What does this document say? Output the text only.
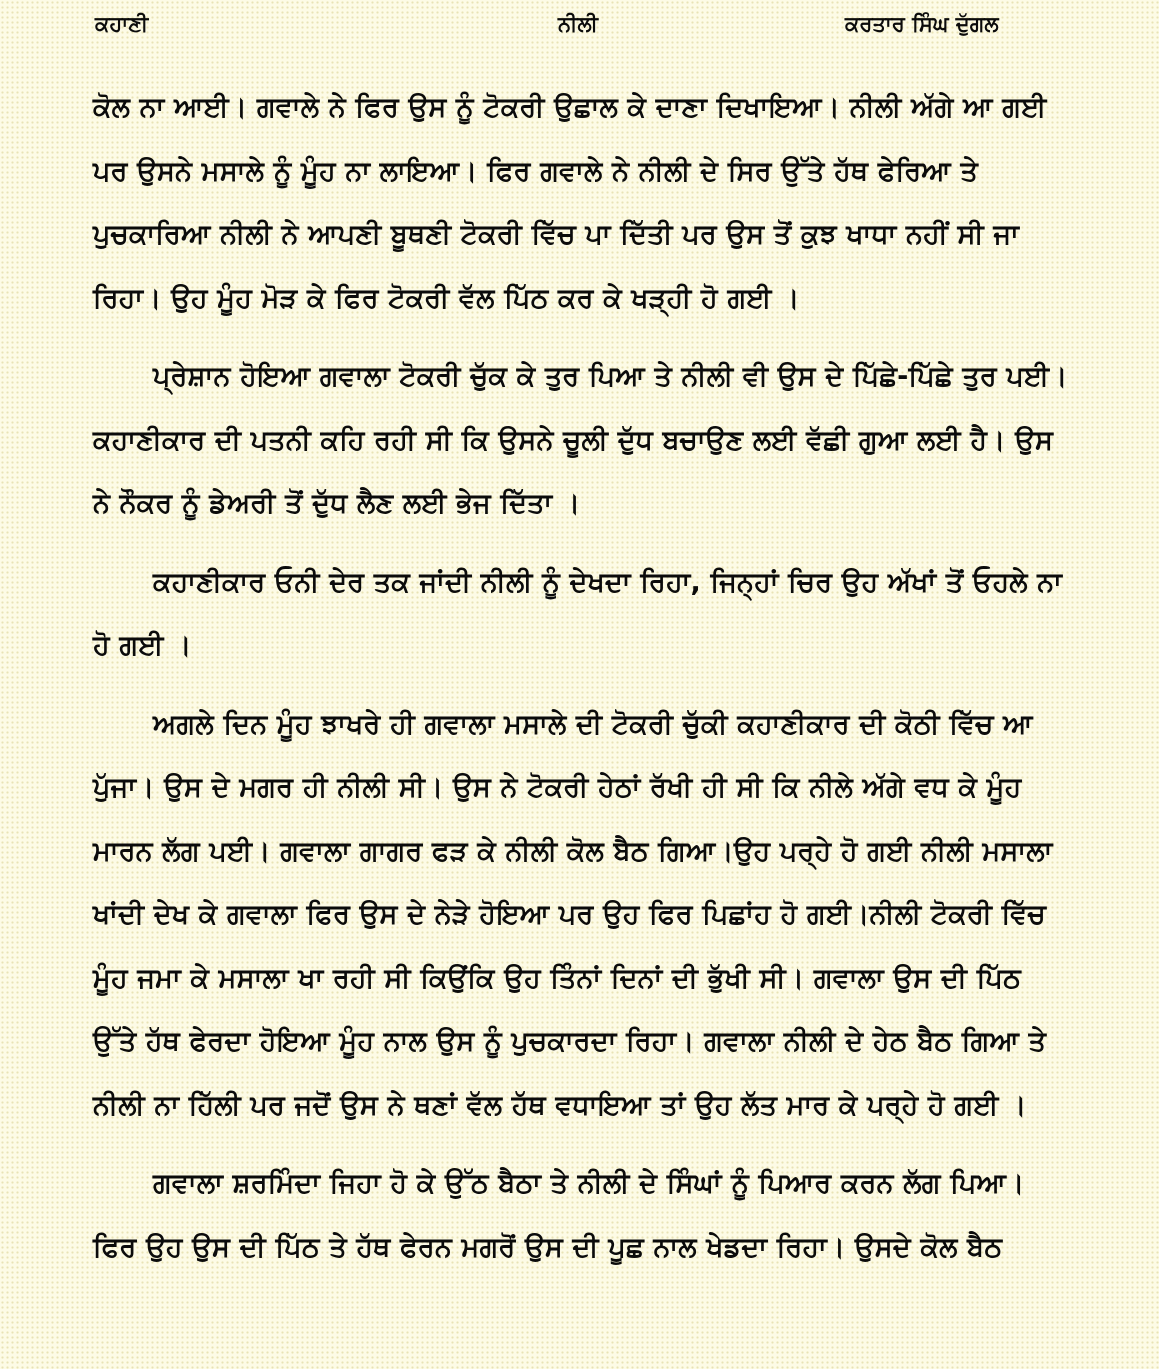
ਕਹਾਣੀ	ਨੀਲੀ	ਕਰਤਾਰ ਸਿੰਘ ਦੁੱਗਲ

ਕੋਲ ਨਾ ਆਈ। ਗਵਾਲੇ ਨੇ ਫਿਰ ਉਸ ਨੂੰ ਟੋਕਰੀ ਉਛਾਲ ਕੇ ਦਾਣਾ ਦਿਖਾਇਆ। ਨੀਲੀ ਅੱਗੇ ਆ ਗਈ ਪਰ ਉਸਨੇ ਮਸਾਲੇ ਨੂੰ ਮੂੰਹ ਨਾ ਲਾਇਆ। ਫਿਰ ਗਵਾਲੇ ਨੇ ਨੀਲੀ ਦੇ ਸਿਰ ਉੱਤੇ ਹੱਥ ਫੇਰਿਆ ਤੇ ਪੁਚਕਾਰਿਆ ਨੀਲੀ ਨੇ ਆਪਣੀ ਬੂਥਣੀ ਟੋਕਰੀ ਵਿੱਚ ਪਾ ਦਿੱਤੀ ਪਰ ਉਸ ਤੋਂ ਕੁਝ ਖਾਧਾ ਨਹੀਂ ਸੀ ਜਾ ਰਿਹਾ। ਉਹ ਮੂੰਹ ਮੋੜ ਕੇ ਫਿਰ ਟੋਕਰੀ ਵੱਲ ਪਿੱਠ ਕਰ ਕੇ ਖੜ੍ਹੀ ਹੋ ਗਈ ।

ਪ੍ਰੇਸ਼ਾਨ ਹੋਇਆ ਗਵਾਲਾ ਟੋਕਰੀ ਚੁੱਕ ਕੇ ਤੁਰ ਪਿਆ ਤੇ ਨੀਲੀ ਵੀ ਉਸ ਦੇ ਪਿੱਛੇ-ਪਿੱਛੇ ਤੁਰ ਪਈ। ਕਹਾਣੀਕਾਰ ਦੀ ਪਤਨੀ ਕਹਿ ਰਹੀ ਸੀ ਕਿ ਉਸਨੇ ਚੂਲੀ ਦੁੱਧ ਬਚਾਉਣ ਲਈ ਵੱਛੀ ਗੁਆ ਲਈ ਹੈ। ਉਸ ਨੇ ਨੌਕਰ ਨੂੰ ਡੇਅਰੀ ਤੋਂ ਦੁੱਧ ਲੈਣ ਲਈ ਭੇਜ ਦਿੱਤਾ ।

ਕਹਾਣੀਕਾਰ ਓਨੀ ਦੇਰ ਤਕ ਜਾਂਦੀ ਨੀਲੀ ਨੂੰ ਦੇਖਦਾ ਰਿਹਾ, ਜਿਨ੍ਹਾਂ ਚਿਰ ਉਹ ਅੱਖਾਂ ਤੋਂ ਓਹਲੇ ਨਾ ਹੋ ਗਈ ।

ਅਗਲੇ ਦਿਨ ਮੂੰਹ ਝਾਖਰੇ ਹੀ ਗਵਾਲਾ ਮਸਾਲੇ ਦੀ ਟੋਕਰੀ ਚੁੱਕੀ ਕਹਾਣੀਕਾਰ ਦੀ ਕੋਠੀ ਵਿੱਚ ਆ ਪੁੱਜਾ। ਉਸ ਦੇ ਮਗਰ ਹੀ ਨੀਲੀ ਸੀ। ਉਸ ਨੇ ਟੋਕਰੀ ਹੇਠਾਂ ਰੱਖੀ ਹੀ ਸੀ ਕਿ ਨੀਲੇ ਅੱਗੇ ਵਧ ਕੇ ਮੂੰਹ ਮਾਰਨ ਲੱਗ ਪਈ। ਗਵਾਲਾ ਗਾਗਰ ਫੜ ਕੇ ਨੀਲੀ ਕੋਲ ਬੈਠ ਗਿਆ।ਉਹ ਪਰ੍ਹੇ ਹੋ ਗਈ ਨੀਲੀ ਮਸਾਲਾ ਖਾਂਦੀ ਦੇਖ ਕੇ ਗਵਾਲਾ ਫਿਰ ਉਸ ਦੇ ਨੇੜੇ ਹੋਇਆ ਪਰ ਉਹ ਫਿਰ ਪਿਛਾਂਹ ਹੋ ਗਈ।ਨੀਲੀ ਟੋਕਰੀ ਵਿੱਚ ਮੂੰਹ ਜਮਾ ਕੇ ਮਸਾਲਾ ਖਾ ਰਹੀ ਸੀ ਕਿਉਂਕਿ ਉਹ ਤਿੰਨਾਂ ਦਿਨਾਂ ਦੀ ਭੁੱਖੀ ਸੀ। ਗਵਾਲਾ ਉਸ ਦੀ ਪਿੱਠ ਉੱਤੇ ਹੱਥ ਫੇਰਦਾ ਹੋਇਆ ਮੂੰਹ ਨਾਲ ਉਸ ਨੂੰ ਪੁਚਕਾਰਦਾ ਰਿਹਾ। ਗਵਾਲਾ ਨੀਲੀ ਦੇ ਹੇਠ ਬੈਠ ਗਿਆ ਤੇ ਨੀਲੀ ਨਾ ਹਿੱਲੀ ਪਰ ਜਦੋਂ ਉਸ ਨੇ ਥਣਾਂ ਵੱਲ ਹੱਥ ਵਧਾਇਆ ਤਾਂ ਉਹ ਲੱਤ ਮਾਰ ਕੇ ਪਰ੍ਹੇ ਹੋ ਗਈ ।

ਗਵਾਲਾ ਸ਼ਰਮਿੰਦਾ ਜਿਹਾ ਹੋ ਕੇ ਉੱਠ ਬੈਠਾ ਤੇ ਨੀਲੀ ਦੇ ਸਿੰਘਾਂ ਨੂੰ ਪਿਆਰ ਕਰਨ ਲੱਗ ਪਿਆ। ਫਿਰ ਉਹ ਉਸ ਦੀ ਪਿੱਠ ਤੇ ਹੱਥ ਫੇਰਨ ਮਗਰੋਂ ਉਸ ਦੀ ਪੂਛ ਨਾਲ ਖੇਡਦਾ ਰਿਹਾ। ਉਸਦੇ ਕੋਲ ਬੈਠ
